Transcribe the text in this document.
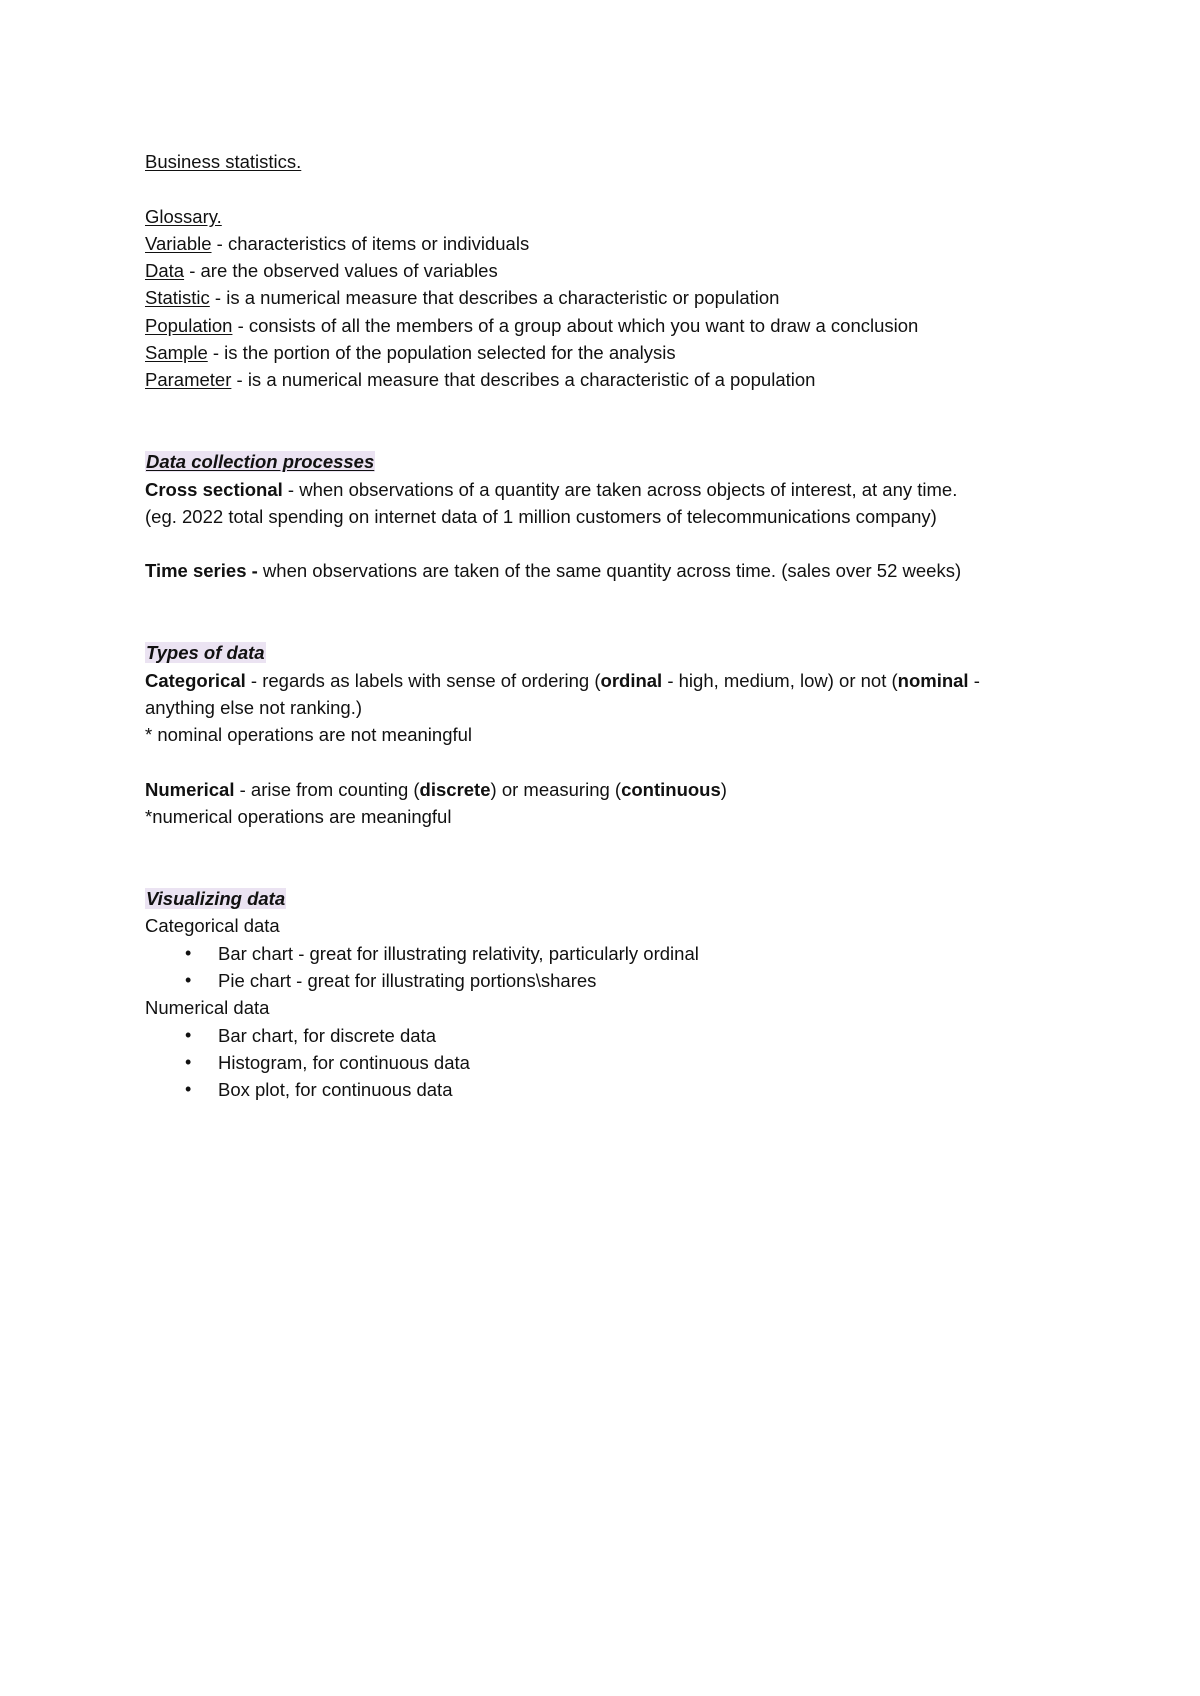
Business statistics.
Glossary.
Variable - characteristics of items or individuals
Data - are the observed values of variables
Statistic - is a numerical measure that describes a characteristic or population
Population - consists of all the members of a group about which you want to draw a conclusion
Sample - is the portion of the population selected for the analysis
Parameter - is a numerical measure that describes a characteristic of a population
Data collection processes
Cross sectional - when observations of a quantity are taken across objects of interest, at any time.
(eg. 2022 total spending on internet data of 1 million customers of telecommunications company)
Time series - when observations are taken of the same quantity across time. (sales over 52 weeks)
Types of data
Categorical - regards as labels with sense of ordering (ordinal - high, medium, low) or not (nominal -
anything else not ranking.)
* nominal operations are not meaningful
Numerical - arise from counting (discrete) or measuring (continuous)
*numerical operations are meaningful
Visualizing data
Categorical data
• Bar chart - great for illustrating relativity, particularly ordinal
• Pie chart - great for illustrating portions\shares
Numerical data
• Bar chart, for discrete data
• Histogram, for continuous data
• Box plot, for continuous data
